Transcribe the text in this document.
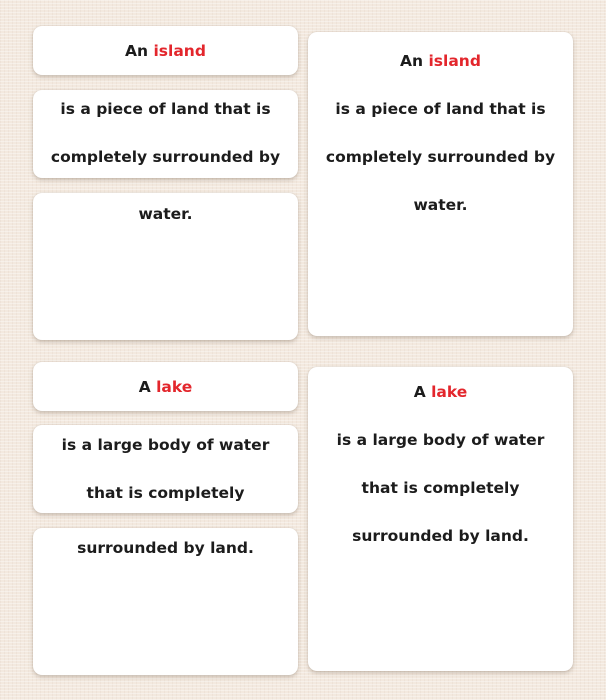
An island
is a piece of land that is
completely surrounded by
water.
An island
is a piece of land that is
completely surrounded by
water.
A lake
is a large body of water
that is completely
surrounded by land.
A lake
is a large body of water
that is completely
surrounded by land.
